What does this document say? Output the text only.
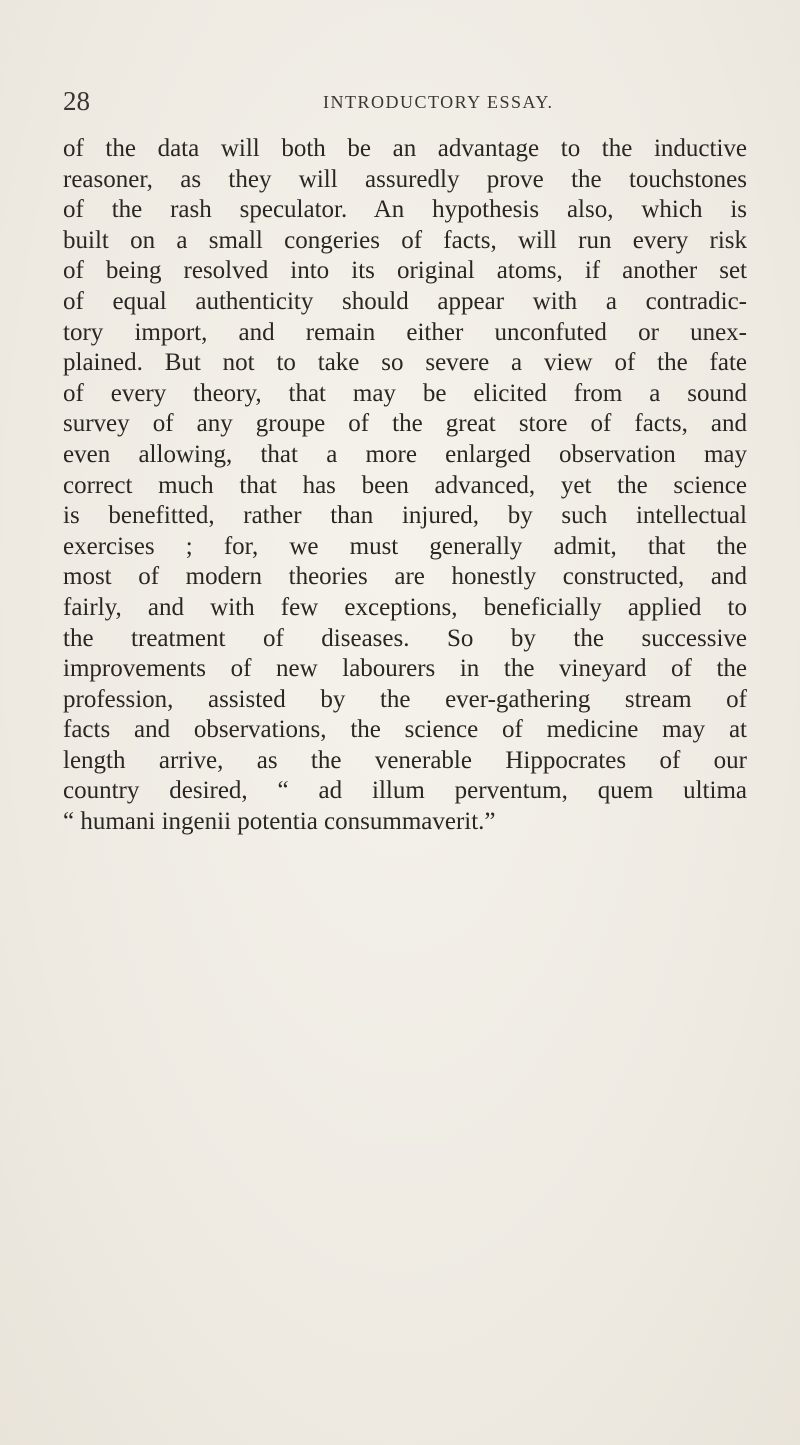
28	INTRODUCTORY ESSAY.

of the data will both be an advantage to the inductive
reasoner, as they will assuredly prove the touchstones
of the rash speculator. An hypothesis also, which is
built on a small congeries of facts, will run every risk
of being resolved into its original atoms, if another set
of equal authenticity should appear with a contradic-
tory import, and remain either unconfuted or unex-
plained. But not to take so severe a view of the fate
of every theory, that may be elicited from a sound
survey of any groupe of the great store of facts, and
even allowing, that a more enlarged observation may
correct much that has been advanced, yet the science
is benefitted, rather than injured, by such intellectual
exercises ; for, we must generally admit, that the
most of modern theories are honestly constructed, and
fairly, and with few exceptions, beneficially applied to
the treatment of diseases. So by the successive
improvements of new labourers in the vineyard of the
profession, assisted by the ever-gathering stream of
facts and observations, the science of medicine may at
length arrive, as the venerable Hippocrates of our
country desired, “ ad illum perventum, quem ultima
“ humani ingenii potentia consummaverit.”
